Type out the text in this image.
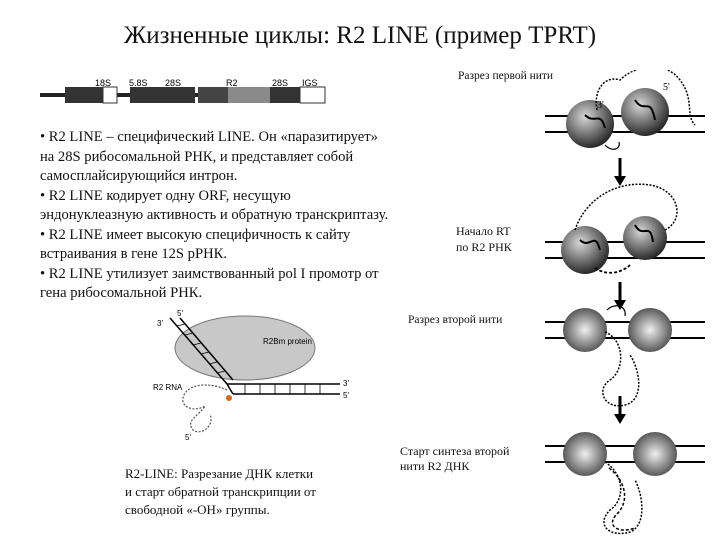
Жизненные циклы: R2 LINE (пример TPRT)
18S 5.8S 28S	R2	28S IGS
• R2 LINE – специфический LINE. Он «паразитирует»
на 28S рибосомальной РНК, и представляет собой
самосплайсирующийся интрон.
• R2 LINE кодирует одну ORF, несущую
эндонуклеазную активность и обратную транскриптазу.
• R2 LINE имеет высокую специфичность к сайту
встраивания в гене 12S рРНК.
• R2 LINE утилизует заимствованный pol I промотр от
гена рибосомальной РНК.
Разрез первой нити
Начало RT
по R2 РНК
Разрез второй нити
Старт синтеза второй
нити R2 ДНК
R2-LINE: Разрезание ДНК клетки
и старт обратной транскрипции от
свободной «-OH» группы.
3'
5'
R2Bm protein
R2 RNA
3'
5'
3'
5'
5'
